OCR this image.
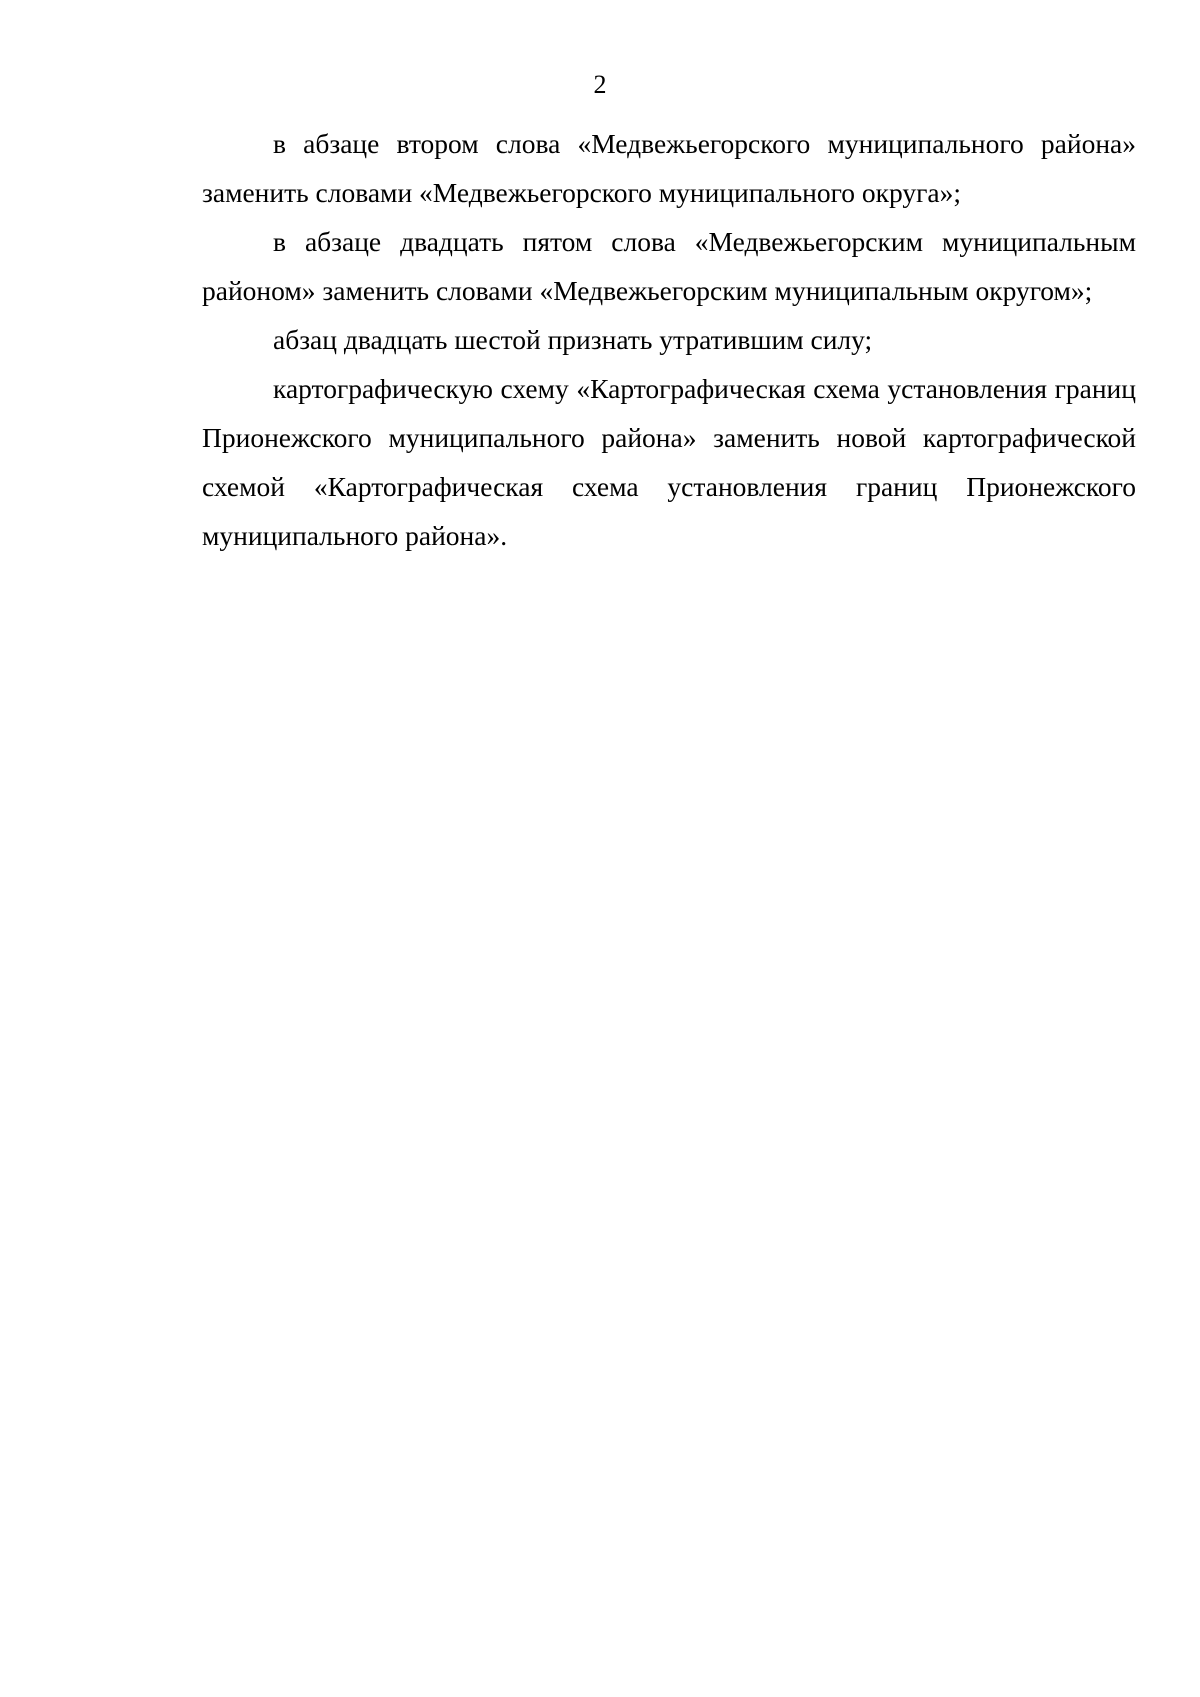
2

в абзаце втором слова «Медвежьегорского муниципального района» заменить словами «Медвежьегорского муниципального округа»;

в абзаце двадцать пятом слова «Медвежьегорским муниципальным районом» заменить словами «Медвежьегорским муниципальным округом»;

абзац двадцать шестой признать утратившим силу;

картографическую схему «Картографическая схема установления границ Прионежского муниципального района» заменить новой картографической схемой «Картографическая схема установления границ Прионежского муниципального района».
